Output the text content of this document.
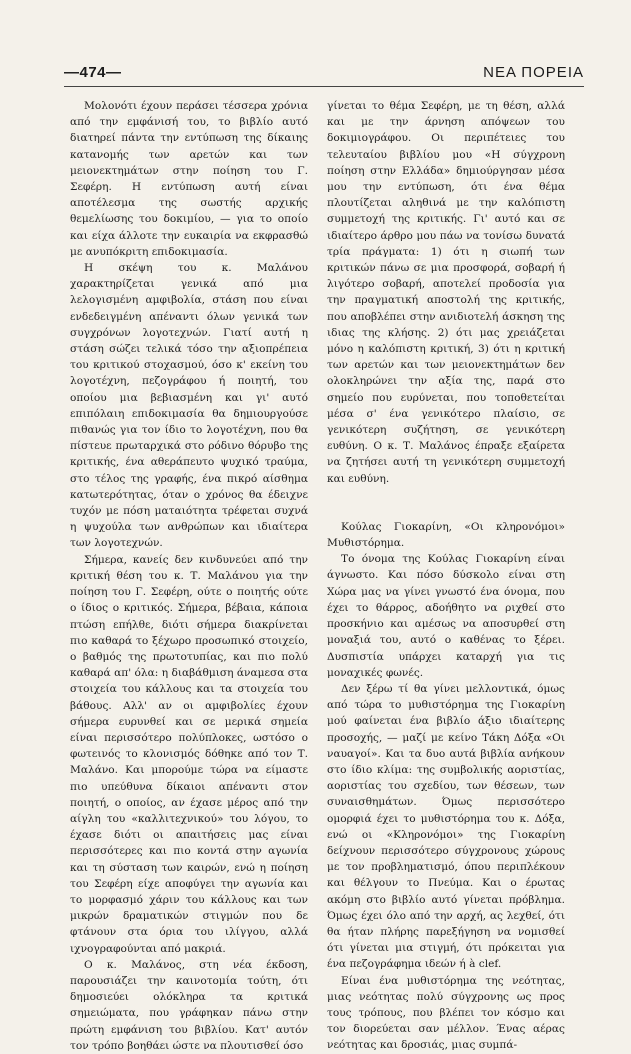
—474—	ΝΕΑ ΠΟΡΕΙΑ

Μολονότι έχουν περάσει τέσσερα χρόνια από την εμφάνισή του, το βιβλίο αυτό διατηρεί πάντα την εντύπωση της δίκαιης κατανομής των αρετών και των μειονεκτημάτων στην ποίηση του Γ. Σεφέρη. Η εντύπωση αυτή είναι αποτέλεσμα της σωστής αρχικής θεμελίωσης του δοκιμίου, — για το οποίο και είχα άλλοτε την ευκαιρία να εκφρασθώ με ανυπόκριτη επιδοκιμασία.

Η σκέψη του κ. Μαλάνου χαρακτηρίζεται γενικά από μια λελογισμένη αμφιβολία, στάση που είναι ενδεδειγμένη απέναντι όλων γενικά των συγχρόνων λογοτεχνών. Γιατί αυτή η στάση σώζει τελικά τόσο την αξιοπρέπεια του κριτικού στοχασμού, όσο κ' εκείνη του λογοτέχνη, πεζογράφου ή ποιητή, του οποίου μια βεβιασμένη και γι' αυτό επιπόλαιη επιδοκιμασία θα δημιουργούσε πιθανώς για τον ίδιο το λογοτέχνη, που θα πίστευε πρωταρχικά στο ρόδινο θόρυβο της κριτικής, ένα αθεράπευτο ψυχικό τραύμα, στο τέλος της γραφής, ένα πικρό αίσθημα κατωτερότητας, όταν ο χρόνος θα έδειχνε τυχόν με πόση ματαιότητα τρέφεται συχνά η ψυχούλα των ανθρώπων και ιδιαίτερα των λογοτεχνών.

Σήμερα, κανείς δεν κινδυνεύει από την κριτική θέση του κ. Τ. Μαλάνου για την ποίηση του Γ. Σεφέρη, ούτε ο ποιητής ούτε ο ίδιος ο κριτικός. Σήμερα, βέβαια, κάποια πτώση επήλθε, διότι σήμερα διακρίνεται πιο καθαρά το ξέχωρο προσωπικό στοιχείο, ο βαθμός της πρωτοτυπίας, και πιο πολύ καθαρά απ' όλα: η διαβάθμιση άναμεσα στα στοιχεία του κάλλους και τα στοιχεία του βάθους. Αλλ' αν οι αμφιβολίες έχουν σήμερα ευρυνθεί και σε μερικά σημεία είναι περισσότερο πολύπλοκες, ωστόσο ο φωτεινός το κλονισμός δόθηκε από τον Τ. Μαλάνο. Και μπορούμε τώρα να είμαστε πιο υπεύθυνα δίκαιοι απέναντι στον ποιητή, ο οποίος, αν έχασε μέρος από την αίγλη του «καλλιτεχνικού» του λόγου, το έχασε διότι οι απαιτήσεις μας είναι περισσότερες και πιο κοντά στην αγωνία και τη σύσταση των καιρών, ενώ η ποίηση του Σεφέρη είχε αποφύγει την αγωνία και το μορφασμό χάριν του κάλλους και των μικρών δραματικών στιγμών που δε φτάνουν στα όρια του ιλίγγου, αλλά ιχνογραφούνται από μακριά.

Ο κ. Μαλάνος, στη νέα έκδοση, παρουσιάζει την καινοτομία τούτη, ότι δημοσιεύει ολόκληρα τα κριτικά σημειώματα, που γράφηκαν πάνω στην πρώτη εμφάνιση του βιβλίου. Κατ' αυτόν τον τρόπο βοηθάει ώστε να πλουτισθεί όσο

γίνεται το θέμα Σεφέρη, με τη θέση, αλλά και με την άρνηση απόψεων του δοκιμιογράφου. Οι περιπέτειες του τελευταίου βιβλίου μου «Η σύγχρονη ποίηση στην Ελλάδα» δημιούργησαν μέσα μου την εντύπωση, ότι ένα θέμα πλουτίζεται αληθινά με την καλόπιστη συμμετοχή της κριτικής. Γι' αυτό και σε ιδιαίτερο άρθρο μου πάω να τονίσω δυνατά τρία πράγματα: 1) ότι η σιωπή των κριτικών πάνω σε μια προσφορά, σοβαρή ή λιγότερο σοβαρή, αποτελεί προδοσία για την πραγματική αποστολή της κριτικής, που αποβλέπει στην ανιδιοτελή άσκηση της ιδιας της κλήσης. 2) ότι μας χρειάζεται μόνο η καλόπιστη κριτική, 3) ότι η κριτική των αρετών και των μειονεκτημάτων δεν ολοκληρώνει την αξία της, παρά στο σημείο που ευρύνεται, που τοποθετείται μέσα σ' ένα γενικότερο πλαίσιο, σε γενικότερη συζήτηση, σε γενικότερη ευθύνη. Ο κ. Τ. Μαλάνος έπραξε εξαίρετα να ζητήσει αυτή τη γενικότερη συμμετοχή και ευθύνη.

Κούλας Γιοκαρίνη, «Οι κληρονόμοι» Μυθιστόρημα.

Το όνομα της Κούλας Γιοκαρίνη είναι άγνωστο. Και πόσο δύσκολο είναι στη Χώρα μας να γίνει γνωστό ένα όνομα, που έχει το θάρρος, αδοήθητο να ριχθεί στο προσκήνιο και αμέσως να αποσυρθεί στη μοναξιά του, αυτό ο καθένας το ξέρει. Δυσπιστία υπάρχει καταρχή για τις μοναχικές φωνές.

Δεν ξέρω τί θα γίνει μελλοντικά, όμως από τώρα το μυθιστόρημα της Γιοκαρίνη μού φαίνεται ένα βιβλίο άξιο ιδιαίτερης προσοχής, — μαζί με κείνο Τάκη Δόξα «Οι ναυαγοί». Και τα δυο αυτά βιβλία ανήκουν στο ίδιο κλίμα: της συμβολικής αοριστίας, αοριστίας του σχεδίου, των θέσεων, των συναισθημάτων. Όμως περισσότερο ομορφιά έχει το μυθιστόρημα του κ. Δόξα, ενώ οι «Κληρονόμοι» της Γιοκαρίνη δείχνουν περισσότερο σύγχρονους χώρους με τον προβληματισμό, όπου περιπλέκουν και θέλγουν το Πνεύμα. Και ο έρωτας ακόμη στο βιβλίο αυτό γίνεται πρόβλημα. Όμως έχει όλο από την αρχή, ας λεχθεί, ότι θα ήταν πλήρης παρεξήγηση να νομισθεί ότι γίνεται μια στιγμή, ότι πρόκειται για ένα πεζογράφημα ιδεών ή à clef.

Είναι ένα μυθιστόρημα της νεότητας, μιας νεότητας πολύ σύγχρονης ως προς τους τρόπους, που βλέπει τον κόσμο και τον διορεύεται σαν μέλλον. Ένας αέρας νεότητας και δροσιάς, μιας συμπά-
